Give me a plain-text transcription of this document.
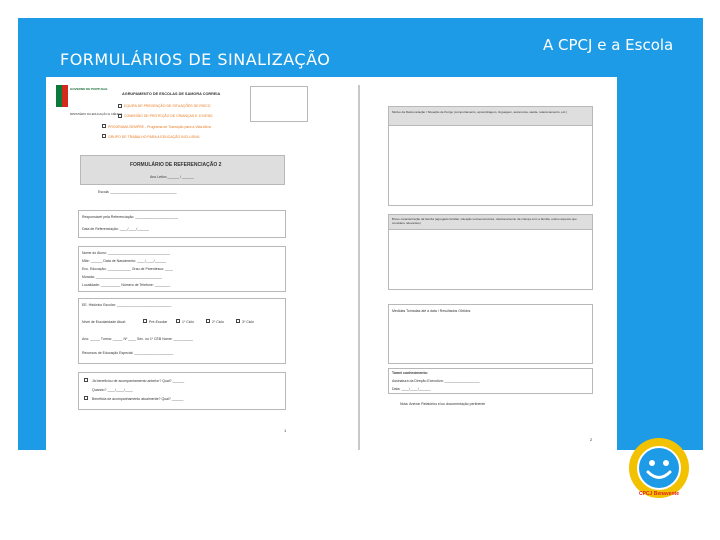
FORMULÁRIOS DE SINALIZAÇÃO
A CPCJ e a Escola
GOVERNO DE PORTUGAL
MINISTÉRIO DA EDUCAÇÃO E CIÊNCIA
AGRUPAMENTO DE ESCOLAS DE SAMORA CORREIA
EQUIPA DE PREVENÇÃO DE SITUAÇÕES DE RISCO
COMISSÃO DE PROTEÇÃO DE CRIANÇAS E JOVENS
PROGRAMA SEMPRE - Programa de Transição para a Vida Ativa
GRUPO DE TRABALHO PARA A EDUCAÇÃO INCLUSIVA
FORMULÁRIO DE REFERENCIAÇÃO 2
Ano Letivo ______ / ______
Escola: __________________________________
Responsável pela Referenciação: ______________________
Data de Referenciação: ____/____/______
Nome do Aluno: ________________________________
Mãe: ______ Data de Nascimento: ____/____/______
Enc. Educação: ____________ Grau de Parentesco: ____
Morada: __________________________________
Localidade: __________ Número de Telefone: ________
EE. Histórico Escolar: ____________________________
Nível de Escolaridade Atual:	Pré-Escolar	1º Ciclo	2º Ciclo	3º Ciclo
Ano: _____ Turma: _____ Nº ____ Sec. ou 1º CEB Nome: __________
Recursos de Educação Especial: ____________________
Já beneficiou de acompanhamento anterior? Qual? ______
Quando? ____/____/____
Beneficia de acompanhamento atualmente? Qual? ______
1
Motivo da Referenciação / Situação de Perigo (comportamento, aprendizagem, linguagem, autonomia, saúde, relacionamento, etc.)
Breve caracterização da família (agregado familiar, situação socioeconómica, relacionamento da criança com a família, outros aspetos que considere relevantes)
Medidas Tomadas até à data / Resultados Obtidos
Tomei conhecimento:
Assinatura da Direção Executiva: __________________
Data: ____/____/______
Nota: Anexar Relatórios e/ou documentação pertinente
2
CPCJ Benavente
